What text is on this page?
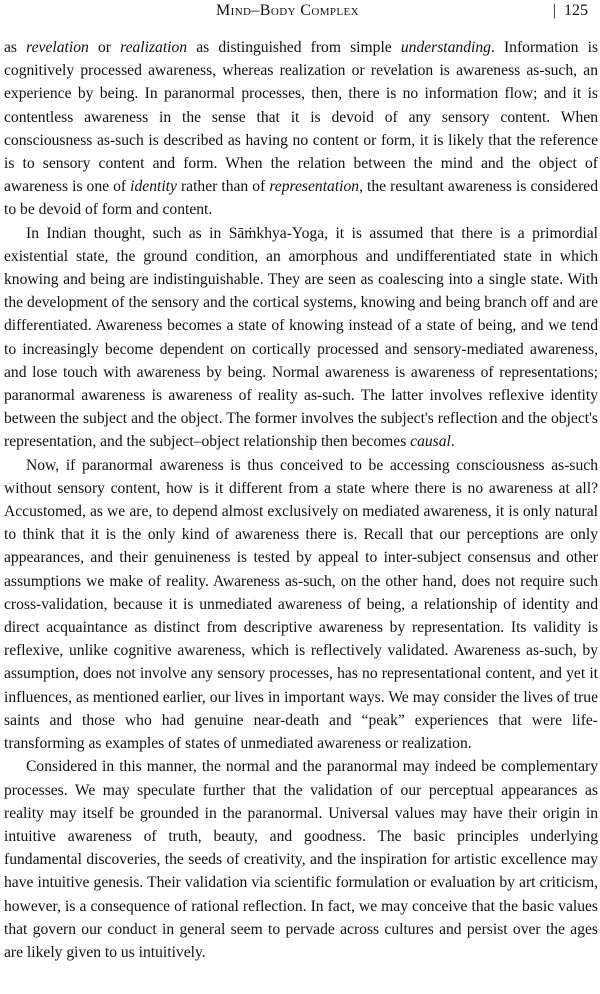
Mind–Body Complex	| 125

as revelation or realization as distinguished from simple understanding. Information is cognitively processed awareness, whereas realization or revelation is awareness as-such, an experience by being. In paranormal processes, then, there is no information flow; and it is contentless awareness in the sense that it is devoid of any sensory content. When consciousness as-such is described as having no content or form, it is likely that the reference is to sensory content and form. When the relation between the mind and the object of awareness is one of identity rather than of representation, the resultant awareness is considered to be devoid of form and content.

In Indian thought, such as in Sāṁkhya-Yoga, it is assumed that there is a primordial existential state, the ground condition, an amorphous and undifferentiated state in which knowing and being are indistinguishable. They are seen as coalescing into a single state. With the development of the sensory and the cortical systems, knowing and being branch off and are differentiated. Awareness becomes a state of knowing instead of a state of being, and we tend to increasingly become dependent on cortically processed and sensory-mediated awareness, and lose touch with awareness by being. Normal awareness is awareness of representations; paranormal awareness is awareness of reality as-such. The latter involves reflexive identity between the subject and the object. The former involves the subject's reflection and the object's representation, and the subject–object relationship then becomes causal.

Now, if paranormal awareness is thus conceived to be accessing consciousness as-such without sensory content, how is it different from a state where there is no awareness at all? Accustomed, as we are, to depend almost exclusively on mediated awareness, it is only natural to think that it is the only kind of awareness there is. Recall that our perceptions are only appearances, and their genuineness is tested by appeal to inter-subject consensus and other assumptions we make of reality. Awareness as-such, on the other hand, does not require such cross-validation, because it is unmediated awareness of being, a relationship of identity and direct acquaintance as distinct from descriptive awareness by representation. Its validity is reflexive, unlike cognitive awareness, which is reflectively validated. Awareness as-such, by assumption, does not involve any sensory processes, has no representational content, and yet it influences, as mentioned earlier, our lives in important ways. We may consider the lives of true saints and those who had genuine near-death and “peak” experiences that were life-transforming as examples of states of unmediated awareness or realization.

Considered in this manner, the normal and the paranormal may indeed be complementary processes. We may speculate further that the validation of our perceptual appearances as reality may itself be grounded in the paranormal. Universal values may have their origin in intuitive awareness of truth, beauty, and goodness. The basic principles underlying fundamental discoveries, the seeds of creativity, and the inspiration for artistic excellence may have intuitive genesis. Their validation via scientific formulation or evaluation by art criticism, however, is a consequence of rational reflection. In fact, we may conceive that the basic values that govern our conduct in general seem to pervade across cultures and persist over the ages are likely given to us intuitively.
